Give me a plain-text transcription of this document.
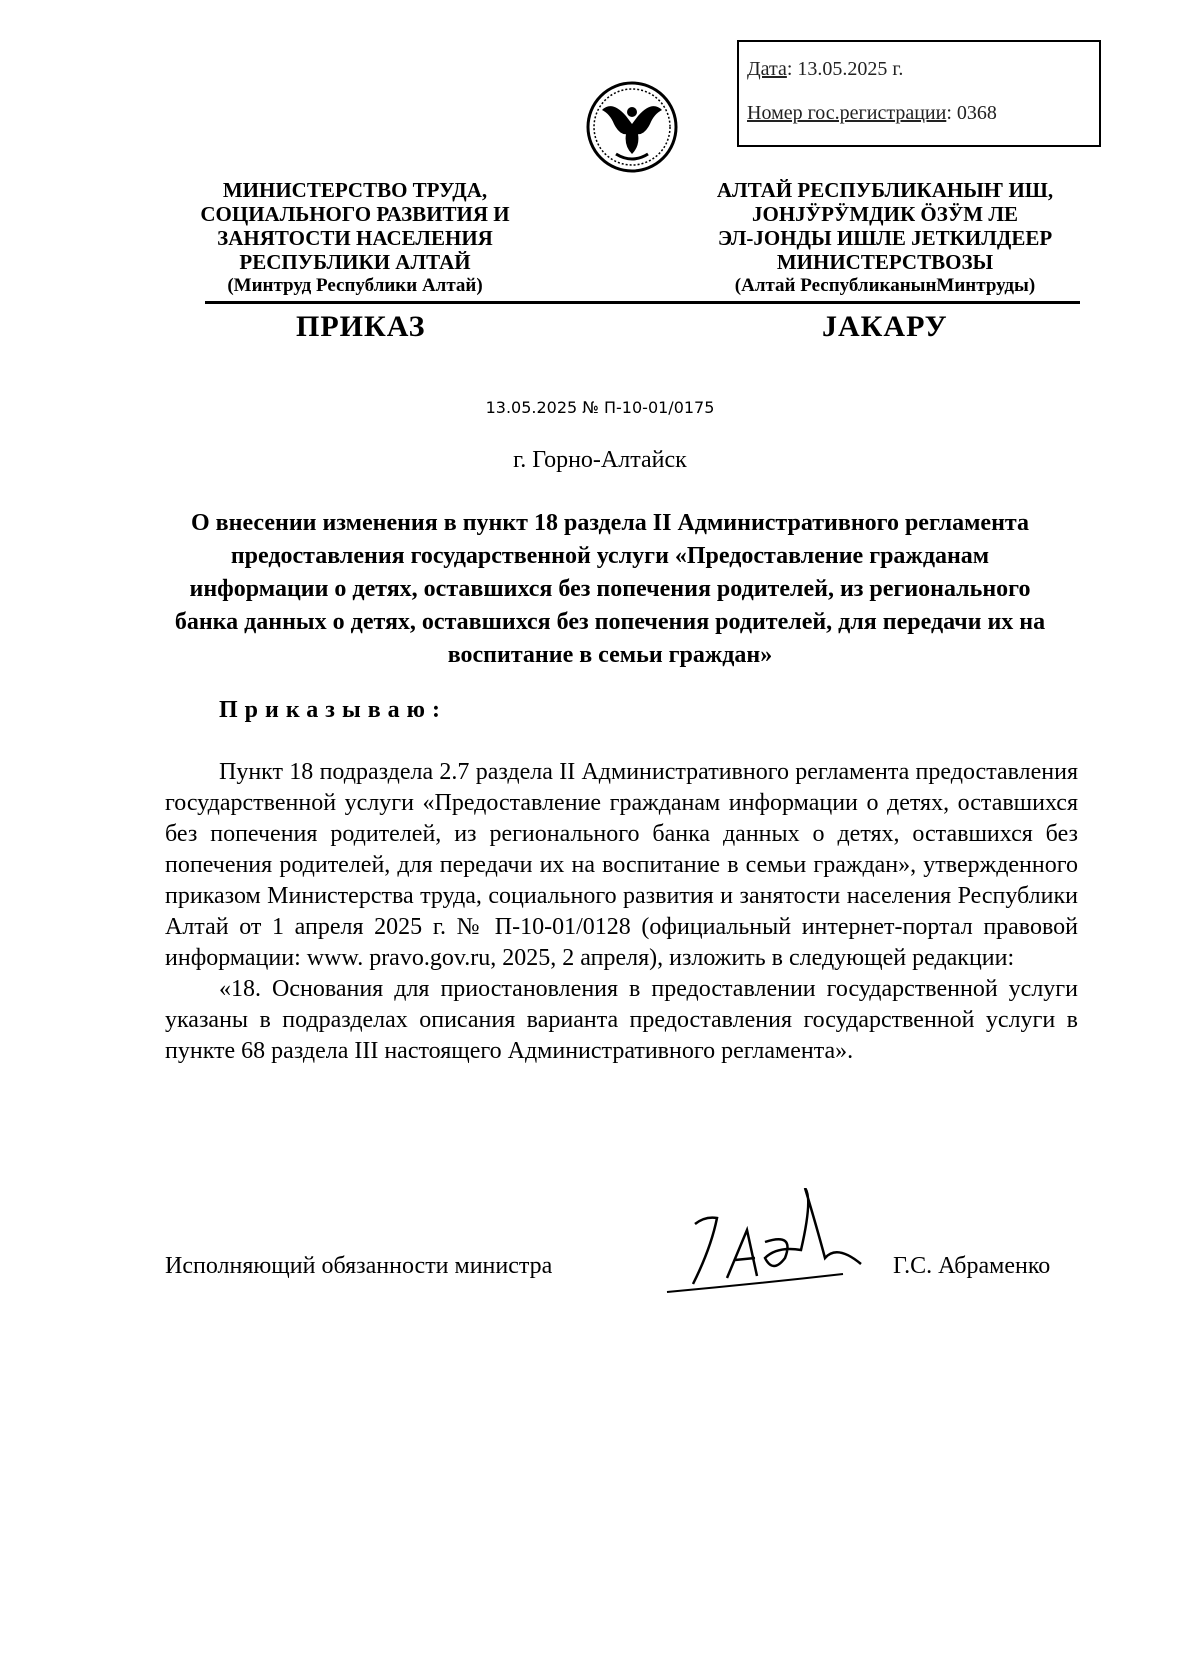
Дата: 13.05.2025 г.
Номер гос.регистрации: 0368
МИНИСТЕРСТВО ТРУДА,
СОЦИАЛЬНОГО РАЗВИТИЯ И
ЗАНЯТОСТИ НАСЕЛЕНИЯ
РЕСПУБЛИКИ АЛТАЙ
(Минтруд Республики Алтай)
АЛТАЙ РЕСПУБЛИКАНЫҤ ИШ,
ЈОНЈӰРӰМДИК ӦЗӰМ ЛЕ
ЭЛ-ЈОНДЫ ИШЛЕ ЈЕТКИЛДЕЕР
МИНИСТЕРСТВОЗЫ
(Алтай РеспубликанынМинтруды)
ПРИКАЗ	ЈАКАРУ
13.05.2025 № П-10-01/0175
г. Горно-Алтайск
О внесении изменения в пункт 18 раздела II Административного регламента предоставления государственной услуги «Предоставление гражданам информации о детях, оставшихся без попечения родителей, из регионального банка данных о детях, оставшихся без попечения родителей, для передачи их на воспитание в семьи граждан»
Приказываю:

Пункт 18 подраздела 2.7 раздела II Административного регламента предоставления государственной услуги «Предоставление гражданам информации о детях, оставшихся без попечения родителей, из регионального банка данных о детях, оставшихся без попечения родителей, для передачи их на воспитание в семьи граждан», утвержденного приказом Министерства труда, социального развития и занятости населения Республики Алтай от 1 апреля 2025 г. № П-10-01/0128 (официальный интернет-портал правовой информации: www. pravo.gov.ru, 2025, 2 апреля), изложить в следующей редакции:

«18. Основания для приостановления в предоставлении государственной услуги указаны в подразделах описания варианта предоставления государственной услуги в пункте 68 раздела III настоящего Административного регламента».

Исполняющий обязанности министра	Г.С. Абраменко
